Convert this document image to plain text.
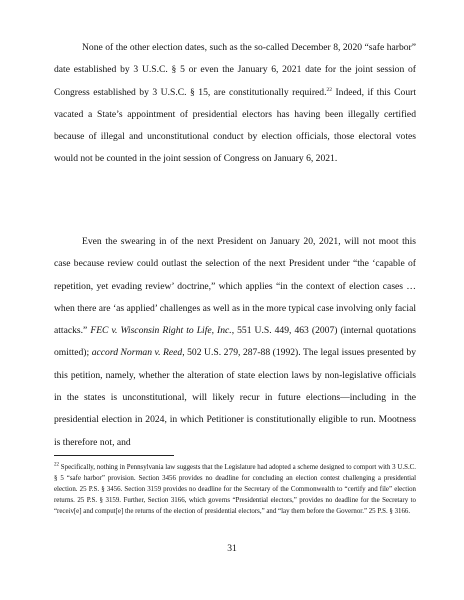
None of the other election dates, such as the so-called December 8, 2020 “safe harbor” date established by 3 U.S.C. § 5 or even the January 6, 2021 date for the joint session of Congress established by 3 U.S.C. § 15, are constitutionally required.$^{22}$ Indeed, if this Court vacated a State’s appointment of presidential electors has having been illegally certified because of illegal and unconstitutional conduct by election officials, those electoral votes would not be counted in the joint session of Congress on January 6, 2021.

Even the swearing in of the next President on January 20, 2021, will not moot this case because review could outlast the selection of the next President under “the ‘capable of repetition, yet evading review’ doctrine,” which applies “in the context of election cases … when there are ‘as applied’ challenges as well as in the more typical case involving only facial attacks.” FEC v. Wisconsin Right to Life, Inc., 551 U.S. 449, 463 (2007) (internal quotations omitted); accord Norman v. Reed, 502 U.S. 279, 287-88 (1992). The legal issues presented by this petition, namely, whether the alteration of state election laws by non-legislative officials in the states is unconstitutional, will likely recur in future elections—including in the presidential election in 2024, in which Petitioner is constitutionally eligible to run. Mootness is therefore not, and

$^{22}$ Specifically, nothing in Pennsylvania law suggests that the Legislature had adopted a scheme designed to comport with 3 U.S.C. § 5 “safe harbor” provision. Section 3456 provides no deadline for concluding an election contest challenging a presidential election. 25 P.S. § 3456. Section 3159 provides no deadline for the Secretary of the Commonwealth to “certify and file” election returns. 25 P.S. § 3159. Further, Section 3166, which governs “Presidential electors,” provides no deadline for the Secretary to “receiv[e] and comput[e] the returns of the election of presidential electors,” and “lay them before the Governor.” 25 P.S. § 3166.

31
